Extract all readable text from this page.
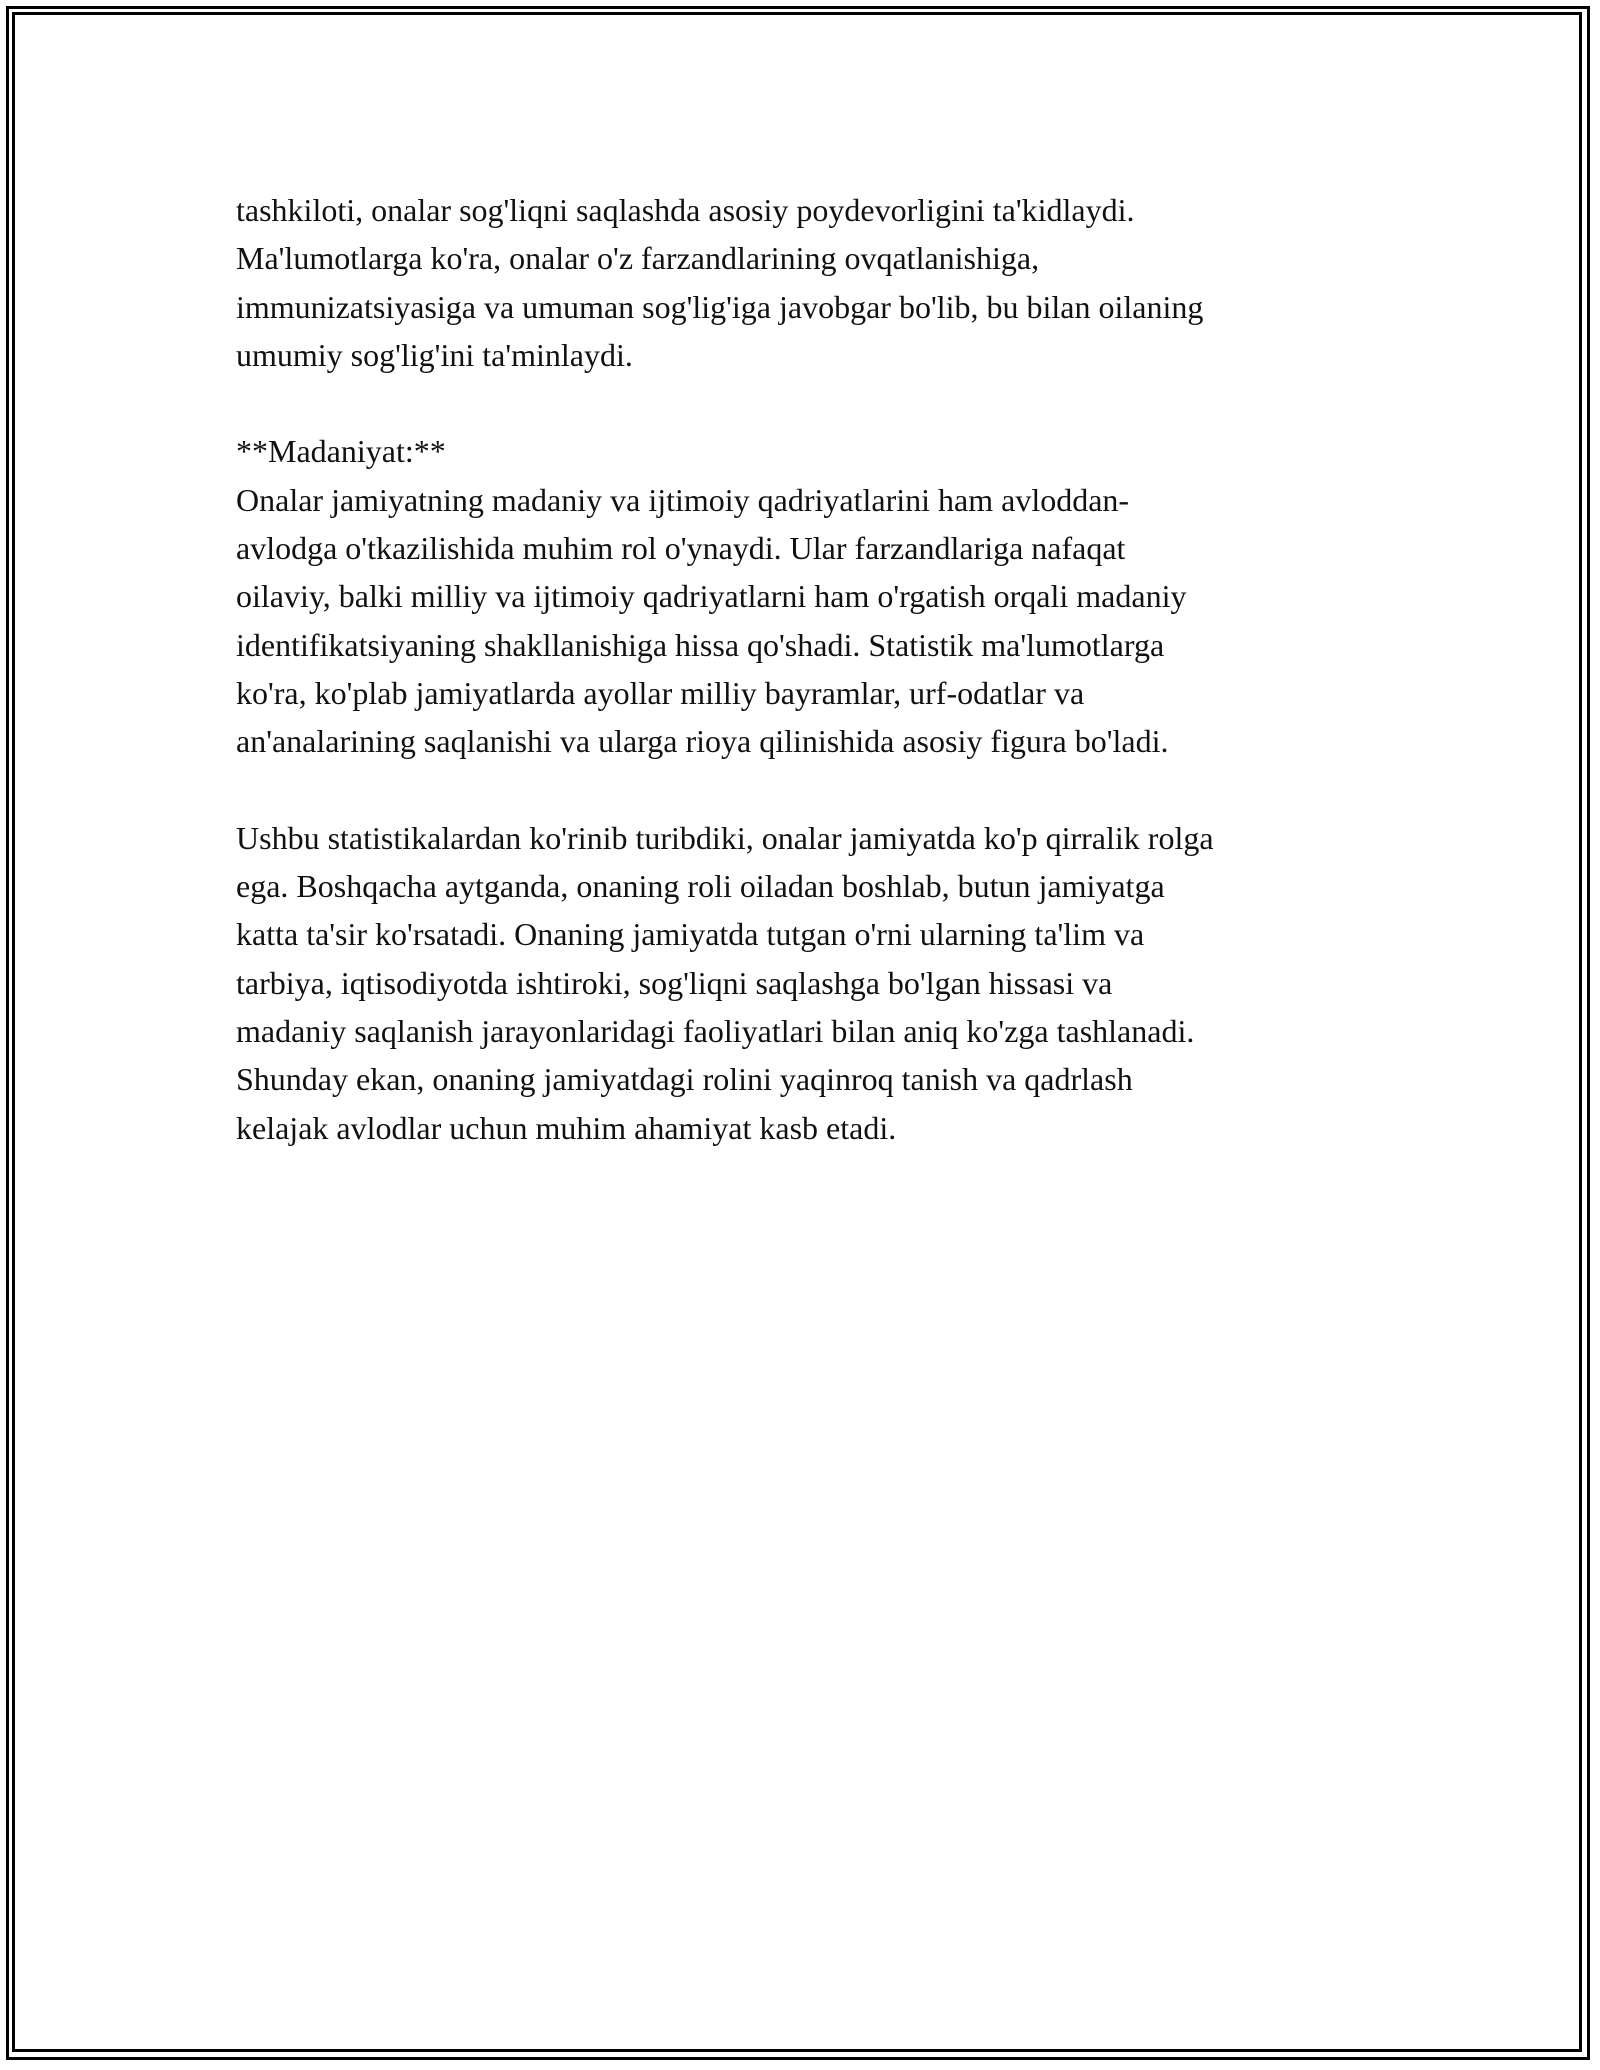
tashkiloti, onalar sog'liqni saqlashda asosiy poydevorligini ta'kidlaydi.
Ma'lumotlarga ko'ra, onalar o'z farzandlarining ovqatlanishiga,
immunizatsiyasiga va umuman sog'lig'iga javobgar bo'lib, bu bilan oilaning
umumiy sog'lig'ini ta'minlaydi.

**Madaniyat:**

Onalar jamiyatning madaniy va ijtimoiy qadriyatlarini ham avloddan-
avlodga o'tkazilishida muhim rol o'ynaydi. Ular farzandlariga nafaqat
oilaviy, balki milliy va ijtimoiy qadriyatlarni ham o'rgatish orqali madaniy
identifikatsiyaning shakllanishiga hissa qo'shadi. Statistik ma'lumotlarga
ko'ra, ko'plab jamiyatlarda ayollar milliy bayramlar, urf-odatlar va
an'analarining saqlanishi va ularga rioya qilinishida asosiy figura bo'ladi.

Ushbu statistikalardan ko'rinib turibdiki, onalar jamiyatda ko'p qirralik rolga
ega. Boshqacha aytganda, onaning roli oiladan boshlab, butun jamiyatga
katta ta'sir ko'rsatadi. Onaning jamiyatda tutgan o'rni ularning ta'lim va
tarbiya, iqtisodiyotda ishtiroki, sog'liqni saqlashga bo'lgan hissasi va
madaniy saqlanish jarayonlaridagi faoliyatlari bilan aniq ko'zga tashlanadi.
Shunday ekan, onaning jamiyatdagi rolini yaqinroq tanish va qadrlash
kelajak avlodlar uchun muhim ahamiyat kasb etadi.
